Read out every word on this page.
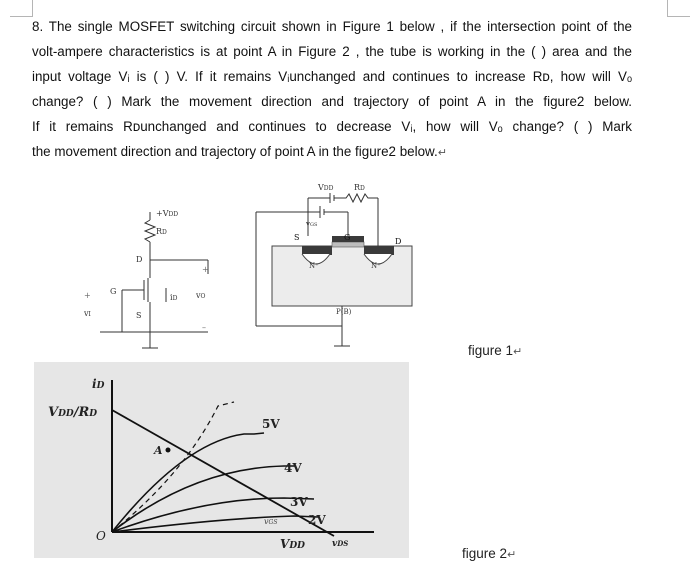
8. The single MOSFET switching circuit shown in Figure 1 below , if the intersection point of the
volt-ampere characteristics is at point A in Figure 2 , the tube is working in the ( ) area and the
input voltage Vᵢ is ( ) V. If it remains Vᵢunchanged and continues to increase Rᴅ, how will Vₒ
change? ( ) Mark the movement direction and trajectory of point A in the figure2 below.
If it remains Rᴅunchanged and continues to decrease Vᵢ, how will Vₒ change? ( ) Mark
the movement direction and trajectory of point A in the figure2 below.↵
+VDD
RD
D
G
S
iD vO
vI
+
+
–
VDD	RD
vGS
S	G	D
N⁺	N⁺
P(B)
figure 1↵
iD
VDD/RD
O
A
5V
4V
3V
2V
vGS
VDD	vDS
figure 2↵
